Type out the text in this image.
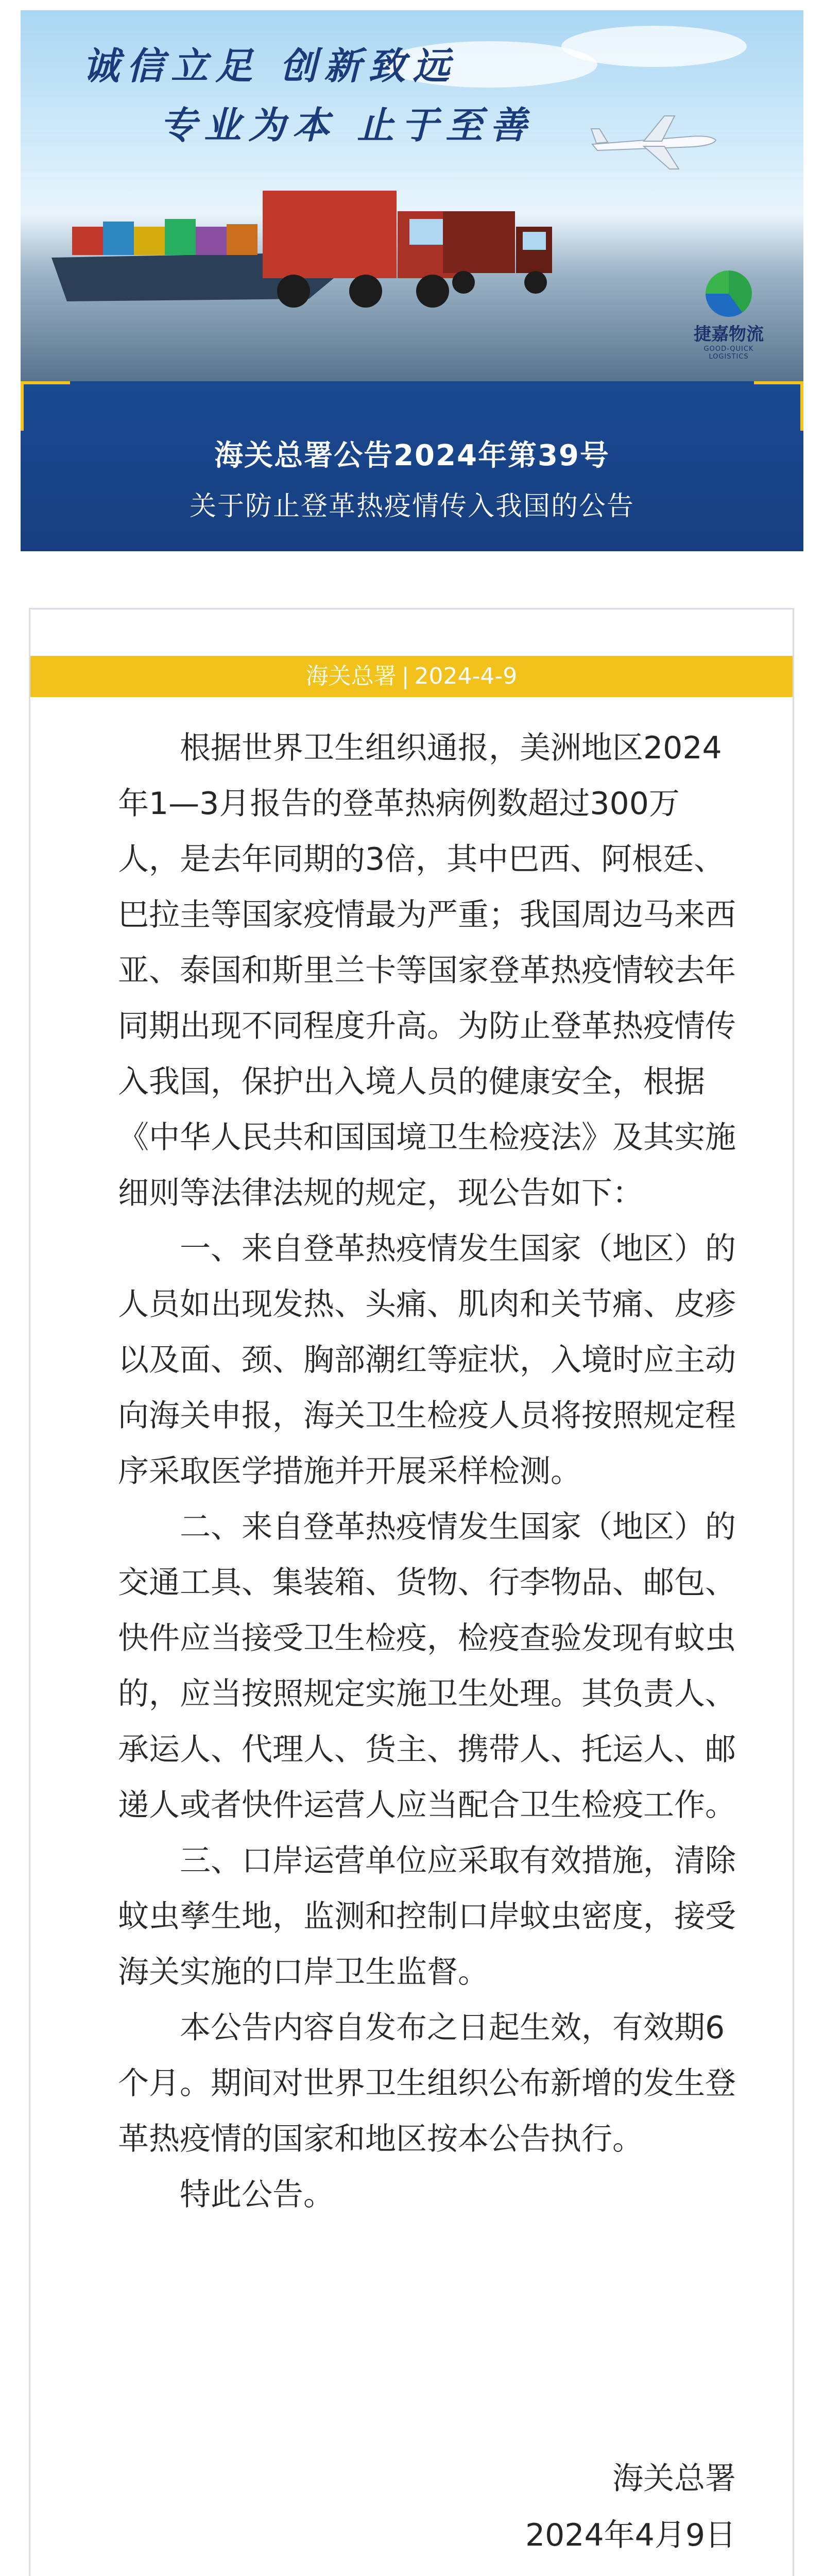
诚信立足 创新致远
专业为本 止于至善
捷嘉物流
GOOD-QUICK LOGISTICS
海关总署公告2024年第39号
关于防止登革热疫情传入我国的公告
海关总署 | 2024-4-9

根据世界卫生组织通报，美洲地区2024年1—3月报告的登革热病例数超过300万人，是去年同期的3倍，其中巴西、阿根廷、巴拉圭等国家疫情最为严重；我国周边马来西亚、泰国和斯里兰卡等国家登革热疫情较去年同期出现不同程度升高。为防止登革热疫情传入我国，保护出入境人员的健康安全，根据《中华人民共和国国境卫生检疫法》及其实施细则等法律法规的规定，现公告如下：

一、来自登革热疫情发生国家（地区）的人员如出现发热、头痛、肌肉和关节痛、皮疹以及面、颈、胸部潮红等症状，入境时应主动向海关申报，海关卫生检疫人员将按照规定程序采取医学措施并开展采样检测。

二、来自登革热疫情发生国家（地区）的交通工具、集装箱、货物、行李物品、邮包、快件应当接受卫生检疫，检疫查验发现有蚊虫的，应当按照规定实施卫生处理。其负责人、承运人、代理人、货主、携带人、托运人、邮递人或者快件运营人应当配合卫生检疫工作。

三、口岸运营单位应采取有效措施，清除蚊虫孳生地，监测和控制口岸蚊虫密度，接受海关实施的口岸卫生监督。

本公告内容自发布之日起生效，有效期6个月。期间对世界卫生组织公布新增的发生登革热疫情的国家和地区按本公告执行。

特此公告。

海关总署
2024年4月9日
